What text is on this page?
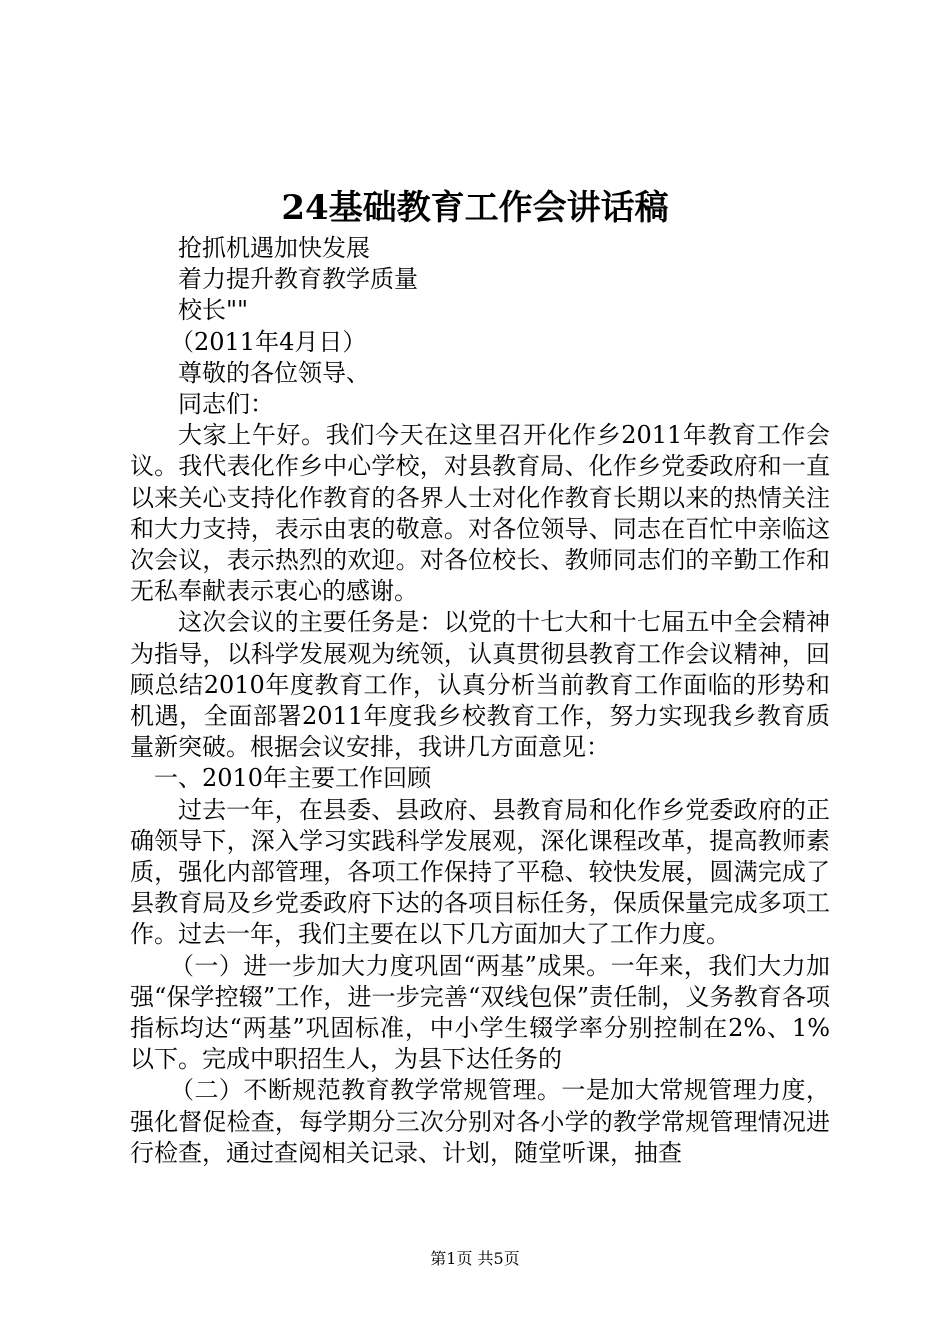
24基础教育工作会讲话稿
抢抓机遇加快发展
着力提升教育教学质量
校长""
（2011年4月日）
尊敬的各位领导、
同志们：

大家上午好。我们今天在这里召开化作乡2011年教育工作会议。我代表化作乡中心学校，对县教育局、化作乡党委政府和一直以来关心支持化作教育的各界人士对化作教育长期以来的热情关注和大力支持，表示由衷的敬意。对各位领导、同志在百忙中亲临这次会议，表示热烈的欢迎。对各位校长、教师同志们的辛勤工作和无私奉献表示衷心的感谢。

这次会议的主要任务是：以党的十七大和十七届五中全会精神为指导，以科学发展观为统领，认真贯彻县教育工作会议精神，回顾总结2010年度教育工作，认真分析当前教育工作面临的形势和机遇，全面部署2011年度我乡校教育工作，努力实现我乡教育质量新突破。根据会议安排，我讲几方面意见：

一、2010年主要工作回顾

过去一年，在县委、县政府、县教育局和化作乡党委政府的正确领导下，深入学习实践科学发展观，深化课程改革，提高教师素质，强化内部管理，各项工作保持了平稳、较快发展，圆满完成了县教育局及乡党委政府下达的各项目标任务，保质保量完成多项工作。过去一年，我们主要在以下几方面加大了工作力度。

（一）进一步加大力度巩固“两基”成果。一年来，我们大力加强“保学控辍”工作，进一步完善“双线包保”责任制，义务教育各项指标均达“两基”巩固标准，中小学生辍学率分别控制在2%、1%以下。完成中职招生人，为县下达任务的

（二）不断规范教育教学常规管理。一是加大常规管理力度，强化督促检查，每学期分三次分别对各小学的教学常规管理情况进行检查，通过查阅相关记录、计划，随堂听课，抽查

第1页 共5页
